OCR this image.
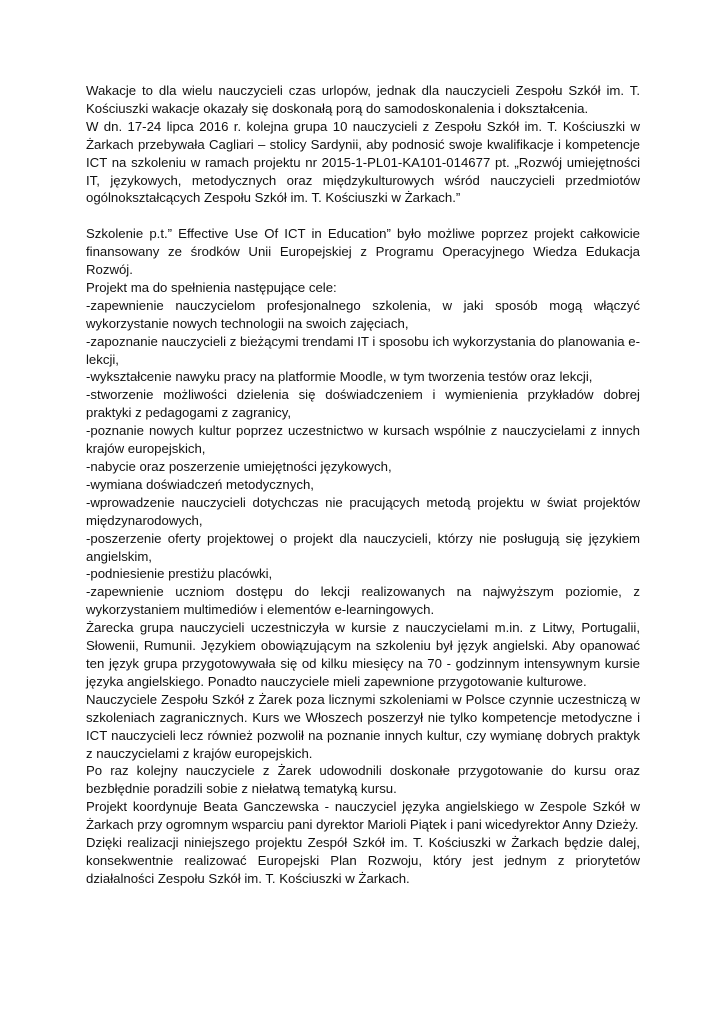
Wakacje to dla wielu nauczycieli czas urlopów, jednak dla nauczycieli Zespołu Szkół im. T. Kościuszki wakacje okazały się doskonałą porą do samodoskonalenia i dokształcenia.

W dn. 17-24 lipca 2016 r. kolejna grupa 10 nauczycieli z Zespołu Szkół im. T. Kościuszki w Żarkach przebywała Cagliari – stolicy Sardynii, aby podnosić swoje kwalifikacje i kompetencje ICT na szkoleniu w ramach projektu nr 2015-1-PL01-KA101-014677 pt. „Rozwój umiejętności IT, językowych, metodycznych oraz międzykulturowych wśród nauczycieli przedmiotów ogólnokształcących Zespołu Szkół im. T. Kościuszki w Żarkach.”

Szkolenie p.t.” Effective Use Of ICT in Education” było możliwe poprzez projekt całkowicie finansowany ze środków Unii Europejskiej z Programu Operacyjnego Wiedza Edukacja Rozwój.

Projekt ma do spełnienia następujące cele:

-zapewnienie nauczycielom profesjonalnego szkolenia, w jaki sposób mogą włączyć wykorzystanie nowych technologii na swoich zajęciach,

-zapoznanie nauczycieli z bieżącymi trendami IT i sposobu ich wykorzystania do planowania e-lekcji,

-wykształcenie nawyku pracy na platformie Moodle, w tym tworzenia testów oraz lekcji,

-stworzenie możliwości dzielenia się doświadczeniem i wymienienia przykładów dobrej praktyki z pedagogami z zagranicy,

-poznanie nowych kultur poprzez uczestnictwo w kursach wspólnie z nauczycielami z innych krajów europejskich,

-nabycie oraz poszerzenie umiejętności językowych,

-wymiana doświadczeń metodycznych,

-wprowadzenie nauczycieli dotychczas nie pracujących metodą projektu w świat projektów międzynarodowych,

-poszerzenie oferty projektowej o projekt dla nauczycieli, którzy nie posługują się językiem angielskim,

-podniesienie prestiżu placówki,

-zapewnienie uczniom dostępu do lekcji realizowanych na najwyższym poziomie, z wykorzystaniem multimediów i elementów e-learningowych.

Żarecka grupa nauczycieli uczestniczyła w kursie z nauczycielami m.in. z Litwy, Portugalii, Słowenii, Rumunii. Językiem obowiązującym na szkoleniu był język angielski. Aby opanować ten język grupa przygotowywała się od kilku miesięcy na 70 - godzinnym intensywnym kursie języka angielskiego. Ponadto nauczyciele mieli zapewnione przygotowanie kulturowe.

Nauczyciele Zespołu Szkół z Żarek poza licznymi szkoleniami w Polsce czynnie uczestniczą w szkoleniach zagranicznych. Kurs we Włoszech poszerzył nie tylko kompetencje metodyczne i ICT nauczycieli lecz również pozwolił na poznanie innych kultur, czy wymianę dobrych praktyk z nauczycielami z krajów europejskich.

Po raz kolejny nauczyciele z Żarek udowodnili doskonałe przygotowanie do kursu oraz bezbłędnie poradzili sobie z niełatwą tematyką kursu.

Projekt koordynuje Beata Ganczewska - nauczyciel języka angielskiego w Zespole Szkół w Żarkach przy ogromnym wsparciu pani dyrektor Marioli Piątek i pani wicedyrektor Anny Dzieży.

Dzięki realizacji niniejszego projektu Zespół Szkół im. T. Kościuszki w Żarkach będzie dalej, konsekwentnie realizować Europejski Plan Rozwoju, który jest jednym z priorytetów działalności Zespołu Szkół im. T. Kościuszki w Żarkach.
